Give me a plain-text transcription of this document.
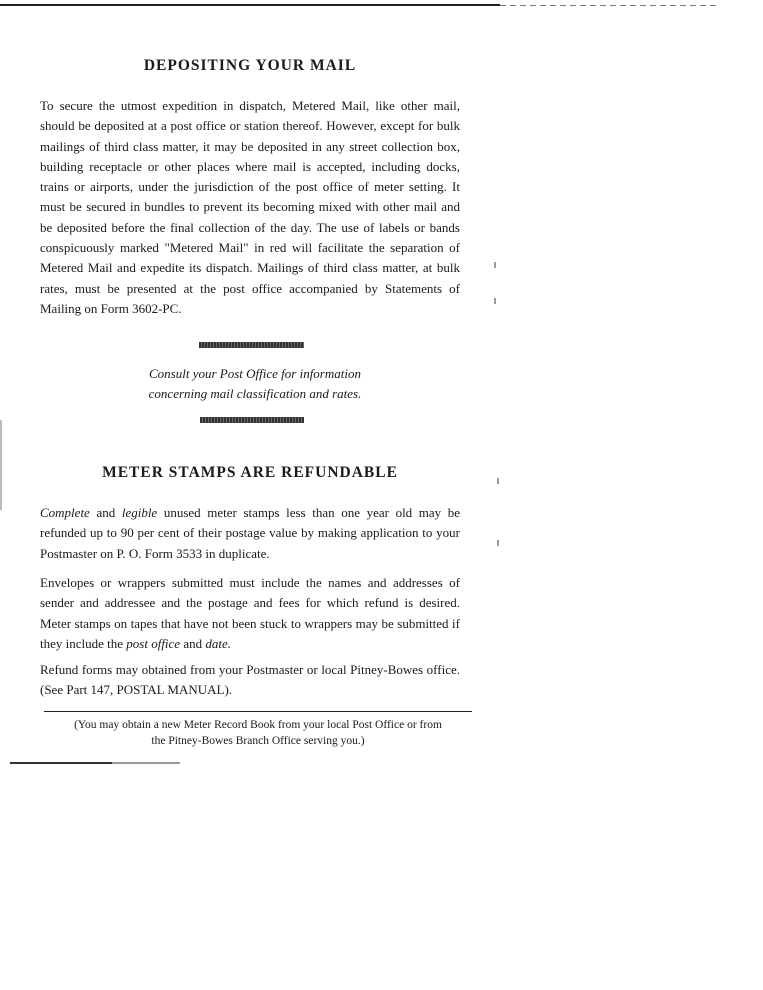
DEPOSITING YOUR MAIL

To secure the utmost expedition in dispatch, Metered Mail, like other mail, should be deposited at a post office or station thereof. However, except for bulk mailings of third class matter, it may be deposited in any street collection box, building receptacle or other places where mail is accepted, including docks, trains or airports, under the jurisdiction of the post office of meter setting. It must be secured in bundles to prevent its becoming mixed with other mail and be deposited before the final collection of the day. The use of labels or bands conspicuously marked "Metered Mail" in red will facilitate the separation of Metered Mail and expedite its dispatch. Mailings of third class matter, at bulk rates, must be presented at the post office accompanied by Statements of Mailing on Form 3602-PC.

Consult your Post Office for information
concerning mail classification and rates.
METER STAMPS ARE REFUNDABLE

Complete and legible unused meter stamps less than one year old may be refunded up to 90 per cent of their postage value by making application to your Postmaster on P. O. Form 3533 in duplicate.

Envelopes or wrappers submitted must include the names and addresses of sender and addressee and the postage and fees for which refund is desired. Meter stamps on tapes that have not been stuck to wrappers may be submitted if they include the post office and date.

Refund forms may obtained from your Postmaster or local Pitney-Bowes office. (See Part 147, POSTAL MANUAL).

(You may obtain a new Meter Record Book from your local Post Office or from
the Pitney-Bowes Branch Office serving you.)
